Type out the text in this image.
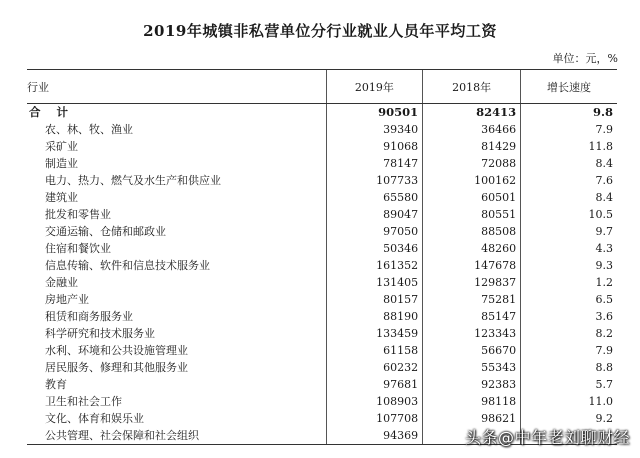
2019年城镇非私营单位分行业就业人员年平均工资
单位：元，%
行业	2019年	2018年	增长速度
合 计	90501	82413	9.8
农、林、牧、渔业	39340	36466	7.9
采矿业	91068	81429	11.8
制造业	78147	72088	8.4
电力、热力、燃气及水生产和供应业	107733	100162	7.6
建筑业	65580	60501	8.4
批发和零售业	89047	80551	10.5
交通运输、仓储和邮政业	97050	88508	9.7
住宿和餐饮业	50346	48260	4.3
信息传输、软件和信息技术服务业	161352	147678	9.3
金融业	131405	129837	1.2
房地产业	80157	75281	6.5
租赁和商务服务业	88190	85147	3.6
科学研究和技术服务业	133459	123343	8.2
水利、环境和公共设施管理业	61158	56670	7.9
居民服务、修理和其他服务业	60232	55343	8.8
教育	97681	92383	5.7
卫生和社会工作	108903	98118	11.0
文化、体育和娱乐业	107708	98621	9.2
公共管理、社会保障和社会组织	94369			头条@中年老刘聊财经
